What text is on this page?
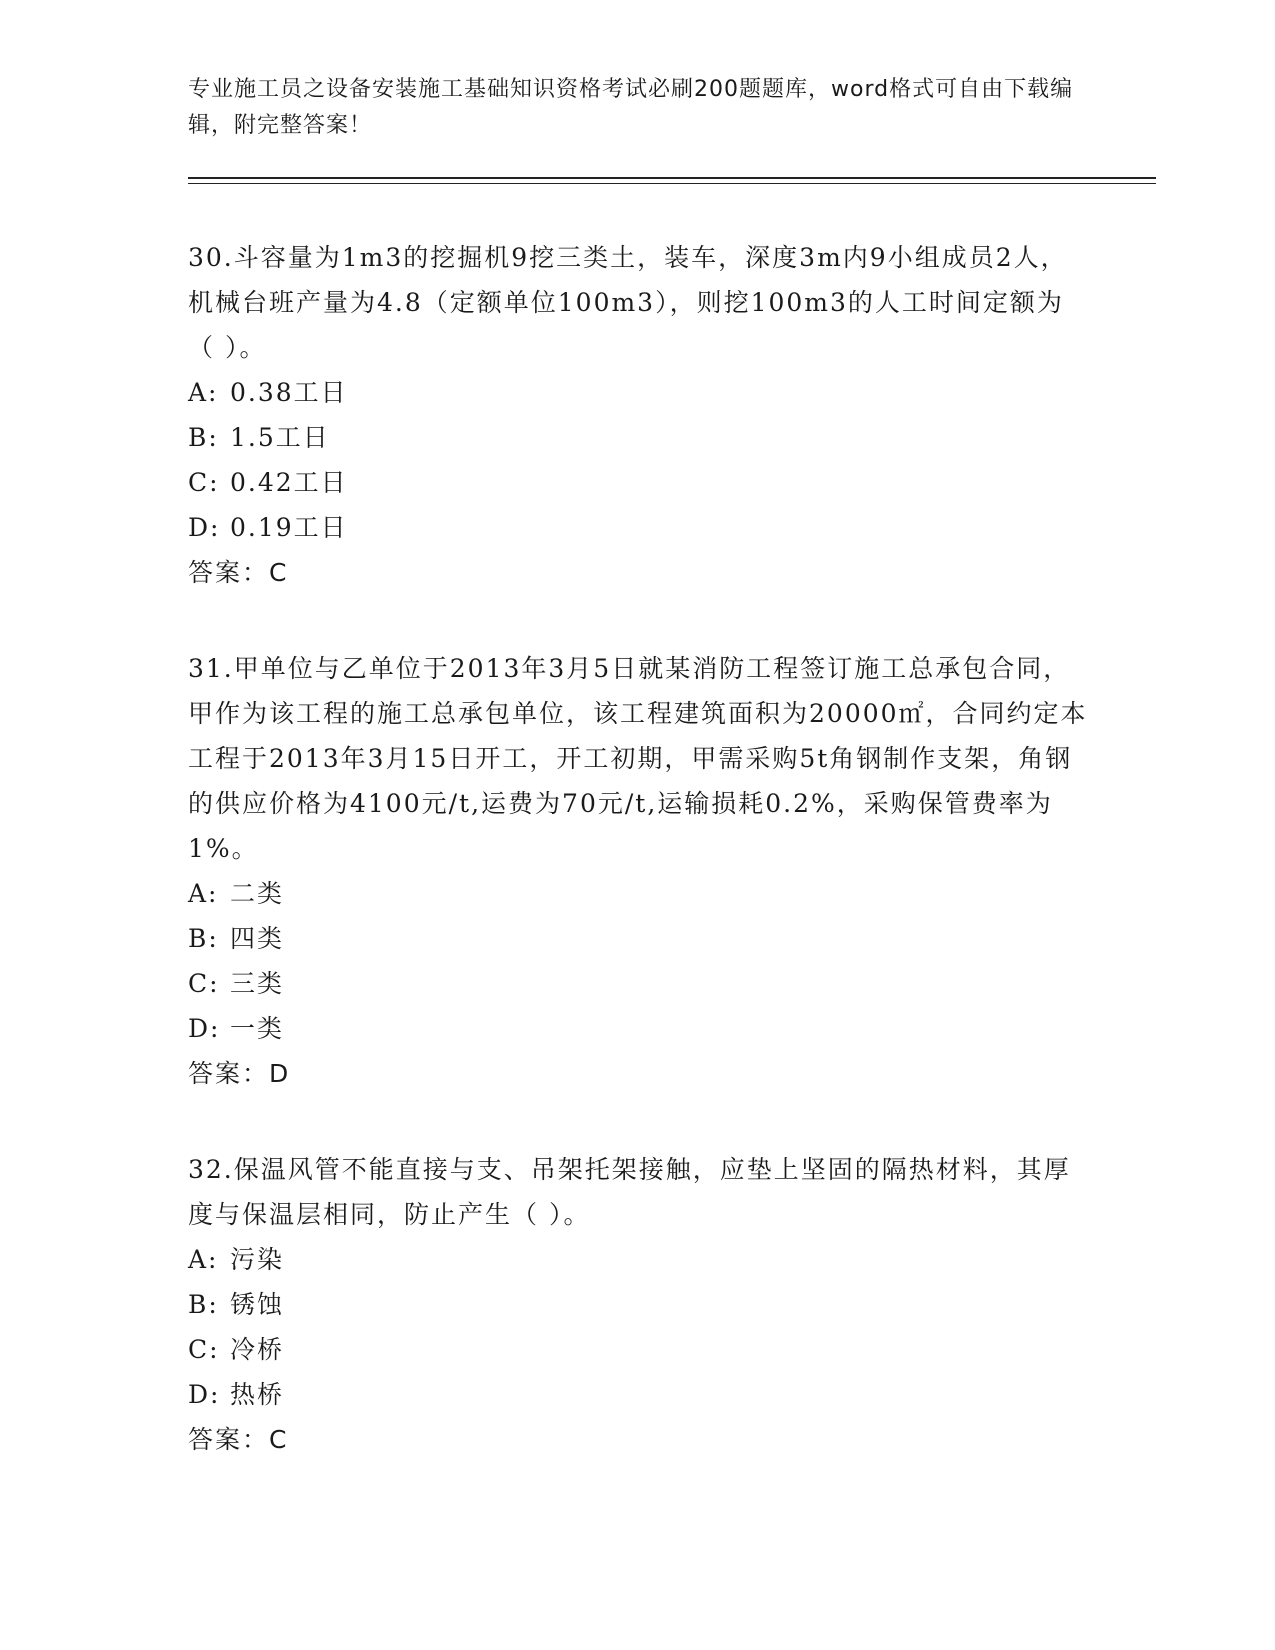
专业施工员之设备安装施工基础知识资格考试必刷200题题库，word格式可自由下载编辑，附完整答案！

30.斗容量为1m3的挖掘机9挖三类土，装车，深度3m内9小组成员2人，机械台班产量为4.8（定额单位100m3），则挖100m3的人工时间定额为（ ）。

A: 0.38工日
B: 1.5工日
C: 0.42工日
D: 0.19工日
答案：C

31.甲单位与乙单位于2013年3月5日就某消防工程签订施工总承包合同，甲作为该工程的施工总承包单位，该工程建筑面积为20000㎡，合同约定本工程于2013年3月15日开工，开工初期，甲需采购5t角钢制作支架，角钢的供应价格为4100元/t,运费为70元/t,运输损耗0.2%，采购保管费率为1%。

A: 二类
B: 四类
C: 三类
D: 一类
答案：D

32.保温风管不能直接与支、吊架托架接触，应垫上坚固的隔热材料，其厚度与保温层相同，防止产生（ ）。

A: 污染
B: 锈蚀
C: 冷桥
D: 热桥
答案：C
